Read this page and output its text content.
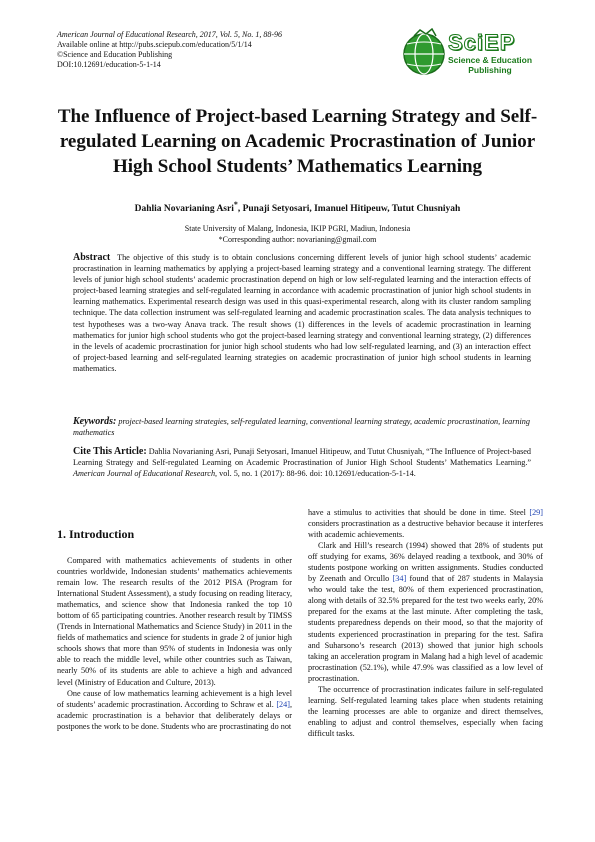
American Journal of Educational Research, 2017, Vol. 5, No. 1, 88-96
Available online at http://pubs.sciepub.com/education/5/1/14
©Science and Education Publishing
DOI:10.12691/education-5-1-14
SciEP
Science & Education Publishing
The Influence of Project-based Learning Strategy and Self-regulated Learning on Academic Procrastination of Junior High School Students’ Mathematics Learning
Dahlia Novarianing Asri*, Punaji Setyosari, Imanuel Hitipeuw, Tutut Chusniyah
State University of Malang, Indonesia, IKIP PGRI, Madiun, Indonesia
*Corresponding author: novarianing@gmail.com
Abstract The objective of this study is to obtain conclusions concerning different levels of junior high school students’ academic procrastination in learning mathematics by applying a project-based learning strategy and a conventional learning strategy. The different levels of junior high school students’ academic procrastination depend on high or low self-regulated learning and the interaction effects of project-based learning strategies and self-regulated learning in accordance with academic procrastination of junior high school students in learning mathematics. Experimental research design was used in this quasi-experimental research, along with its cluster random sampling technique. The data collection instrument was self-regulated learning and academic procrastination scales. The data analysis techniques to test hypotheses was a two-way Anava track. The result shows (1) differences in the levels of academic procrastination in learning mathematics for junior high school students who got the project-based learning strategy and conventional learning strategy, (2) differences in the levels of academic procrastination for junior high school students who had low self-regulated learning, and (3) an interaction effect of project-based learning and self-regulated learning strategies on academic procrastination of junior high school students in learning mathematics.
Keywords: project-based learning strategies, self-regulated learning, conventional learning strategy, academic procrastination, learning mathematics
Cite This Article: Dahlia Novarianing Asri, Punaji Setyosari, Imanuel Hitipeuw, and Tutut Chusniyah, “The Influence of Project-based Learning Strategy and Self-regulated Learning on Academic Procrastination of Junior High School Students’ Mathematics Learning.” American Journal of Educational Research, vol. 5, no. 1 (2017): 88-96. doi: 10.12691/education-5-1-14.
1. Introduction

Compared with mathematics achievements of students in other countries worldwide, Indonesian students’ mathematics achievements remain low. The research results of the 2012 PISA (Program for International Student Assessment), a study focusing on reading literacy, mathematics, and science show that Indonesia ranked the top 10 bottom of 65 participating countries. Another research result by TIMSS (Trends in International Mathematics and Science Study) in 2011 in the fields of mathematics and science for students in grade 2 of junior high schools shows that more than 95% of students in Indonesia was only able to reach the middle level, while other countries such as Taiwan, nearly 50% of its students are able to achieve a high and advanced level (Ministry of Education and Culture, 2013).

One cause of low mathematics learning achievement is a high level of students’ academic procrastination. According to Schraw et al. [24], academic procrastination is a behavior that deliberately delays or postpones the work to be done. Students who are procrastinating do not

have a stimulus to activities that should be done in time. Steel [29] considers procrastination as a destructive behavior because it interferes with academic achievements.

Clark and Hill’s research (1994) showed that 28% of students put off studying for exams, 36% delayed reading a textbook, and 30% of students postpone working on written assignments. Studies conducted by Zeenath and Orcullo [34] found that of 287 students in Malaysia who would take the test, 80% of them experienced procrastination, along with details of 32.5% prepared for the test two weeks early, 20% prepared for the exams at the last minute. After completing the task, students preparedness depends on their mood, so that the majority of students experienced procrastination in preparing for the test. Safira and Suharsono’s research (2013) showed that junior high schools taking an acceleration program in Malang had a high level of academic procrastination (52.1%), while 47.9% was classified as a low level of procrastination.

The occurrence of procrastination indicates failure in self-regulated learning. Self-regulated learning takes place when students retaining the learning processes are able to organize and direct themselves, enabling to adjust and control themselves, especially when facing difficult tasks.
